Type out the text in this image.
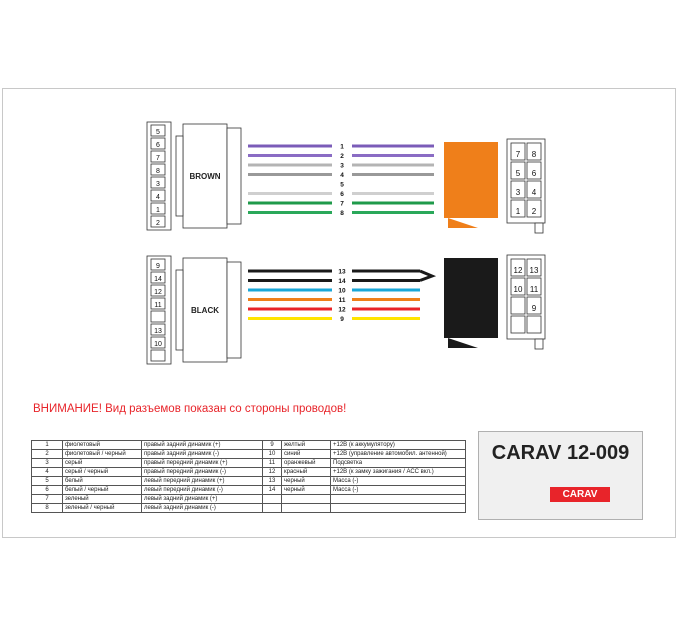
5
6
7
8
3
4
1
2
BROWN
1
2
3
4
5
6
7
8
7 8
5 6
3 4
1 2
9
14
12
11
13
10
BLACK
13
14
10
11
12
9
12 13
10 11
9
ВНИМАНИЕ! Вид разъемов показан со стороны проводов!
1	фиолетовый	правый задний динамик (+)	9	желтый	+12В (к аккумулятору)
2	фиолетовый / черный	правый задний динамик (-)	10	синий	+12В (управление автомобил. антенной)
3	серый	правый передний динамик (+)	11	оранжевый	Подсветка
4	серый / черный	правый передний динамик (-)	12	красный	+12В (к замку зажигания / АСС вкл.)
5	белый	левый передний динамик (+)	13	черный	Масса (-)
6	белый / черный	левый передний динамик (-)	14	черный	Масса (-)
7	зеленый	левый задний динамик (+)			
8	зеленый / черный	левый задний динамик (-)			
CARAV 12-009
CARAV
